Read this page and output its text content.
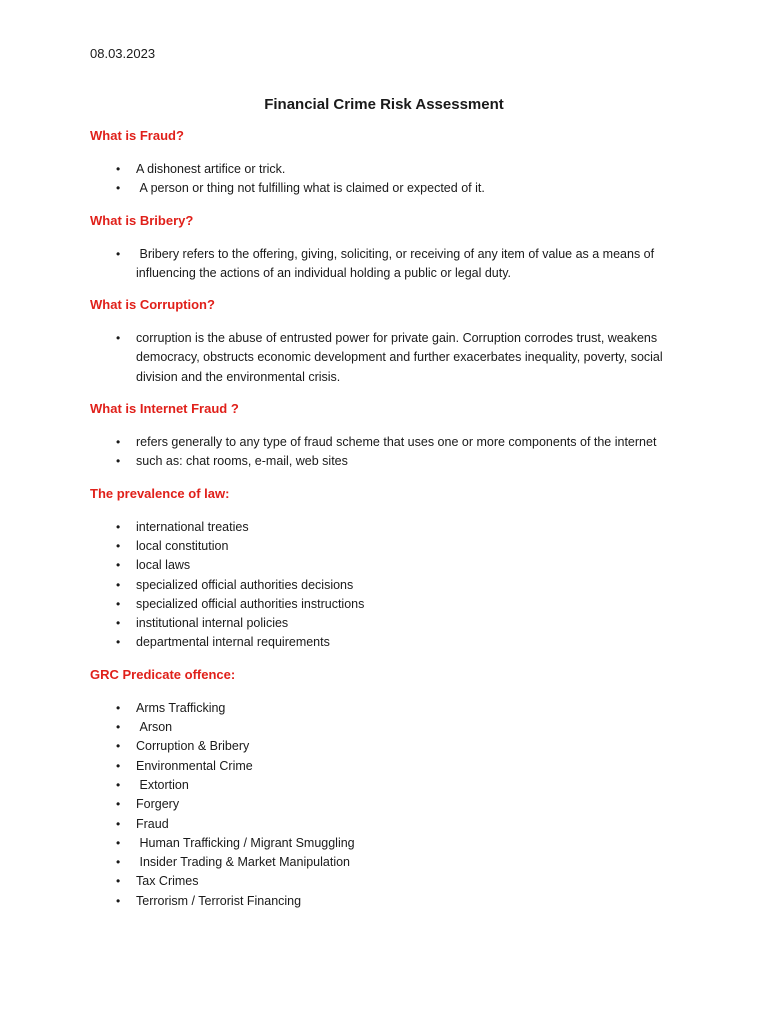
08.03.2023
Financial Crime Risk Assessment
What is Fraud?
• A dishonest artifice or trick.
• A person or thing not fulfilling what is claimed or expected of it.
What is Bribery?
• Bribery refers to the offering, giving, soliciting, or receiving of any item of value as a means of influencing the actions of an individual holding a public or legal duty.
What is Corruption?
• corruption is the abuse of entrusted power for private gain. Corruption corrodes trust, weakens democracy, obstructs economic development and further exacerbates inequality, poverty, social division and the environmental crisis.
What is Internet Fraud ?
• refers generally to any type of fraud scheme that uses one or more components of the internet
• such as: chat rooms, e-mail, web sites
The prevalence of law:
• international treaties
• local constitution
• local laws
• specialized official authorities decisions
• specialized official authorities instructions
• institutional internal policies
• departmental internal requirements
GRC Predicate offence:
• Arms Trafficking
• Arson
• Corruption & Bribery
• Environmental Crime
• Extortion
• Forgery
• Fraud
• Human Trafficking / Migrant Smuggling
• Insider Trading & Market Manipulation
• Tax Crimes
• Terrorism / Terrorist Financing
